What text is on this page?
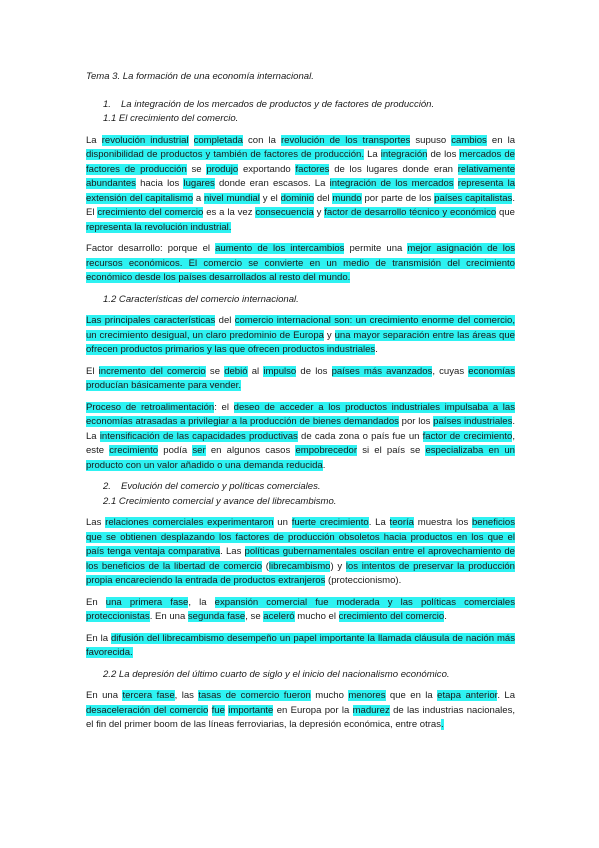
Tema 3. La formación de una economía internacional.
1. La integración de los mercados de productos y de factores de producción.
1.1 El crecimiento del comercio.
La revolución industrial completada con la revolución de los transportes supuso cambios en la disponibilidad de productos y también de factores de producción. La integración de los mercados de factores de producción se produjo exportando factores de los lugares donde eran relativamente abundantes hacia los lugares donde eran escasos. La integración de los mercados representa la extensión del capitalismo a nivel mundial y el dominio del mundo por parte de los países capitalistas. El crecimiento del comercio es a la vez consecuencia y factor de desarrollo técnico y económico que representa la revolución industrial.
Factor desarrollo: porque el aumento de los intercambios permite una mejor asignación de los recursos económicos. El comercio se convierte en un medio de transmisión del crecimiento económico desde los países desarrollados al resto del mundo.
1.2 Características del comercio internacional.
Las principales características del comercio internacional son: un crecimiento enorme del comercio, un crecimiento desigual, un claro predominio de Europa y una mayor separación entre las áreas que ofrecen productos primarios y las que ofrecen productos industriales.
El incremento del comercio se debió al impulso de los países más avanzados, cuyas economías producían básicamente para vender.
Proceso de retroalimentación: el deseo de acceder a los productos industriales impulsaba a las economías atrasadas a privilegiar a la producción de bienes demandados por los países industriales. La intensificación de las capacidades productivas de cada zona o país fue un factor de crecimiento, este crecimiento podía ser en algunos casos empobrecedor si el país se especializaba en un producto con un valor añadido o una demanda reducida.
2. Evolución del comercio y políticas comerciales.
2.1 Crecimiento comercial y avance del librecambismo.
Las relaciones comerciales experimentaron un fuerte crecimiento. La teoría muestra los beneficios que se obtienen desplazando los factores de producción obsoletos hacia productos en los que el país tenga ventaja comparativa. Las políticas gubernamentales oscilan entre el aprovechamiento de los beneficios de la libertad de comercio (librecambismo) y los intentos de preservar la producción propia encareciendo la entrada de productos extranjeros (proteccionismo).
En una primera fase, la expansión comercial fue moderada y las políticas comerciales proteccionistas. En una segunda fase, se aceleró mucho el crecimiento del comercio.
En la difusión del librecambismo desempeño un papel importante la llamada cláusula de nación más favorecida.
2.2 La depresión del último cuarto de siglo y el inicio del nacionalismo económico.
En una tercera fase, las tasas de comercio fueron mucho menores que en la etapa anterior. La desaceleración del comercio fue importante en Europa por la madurez de las industrias nacionales, el fin del primer boom de las líneas ferroviarias, la depresión económica, entre otras.
